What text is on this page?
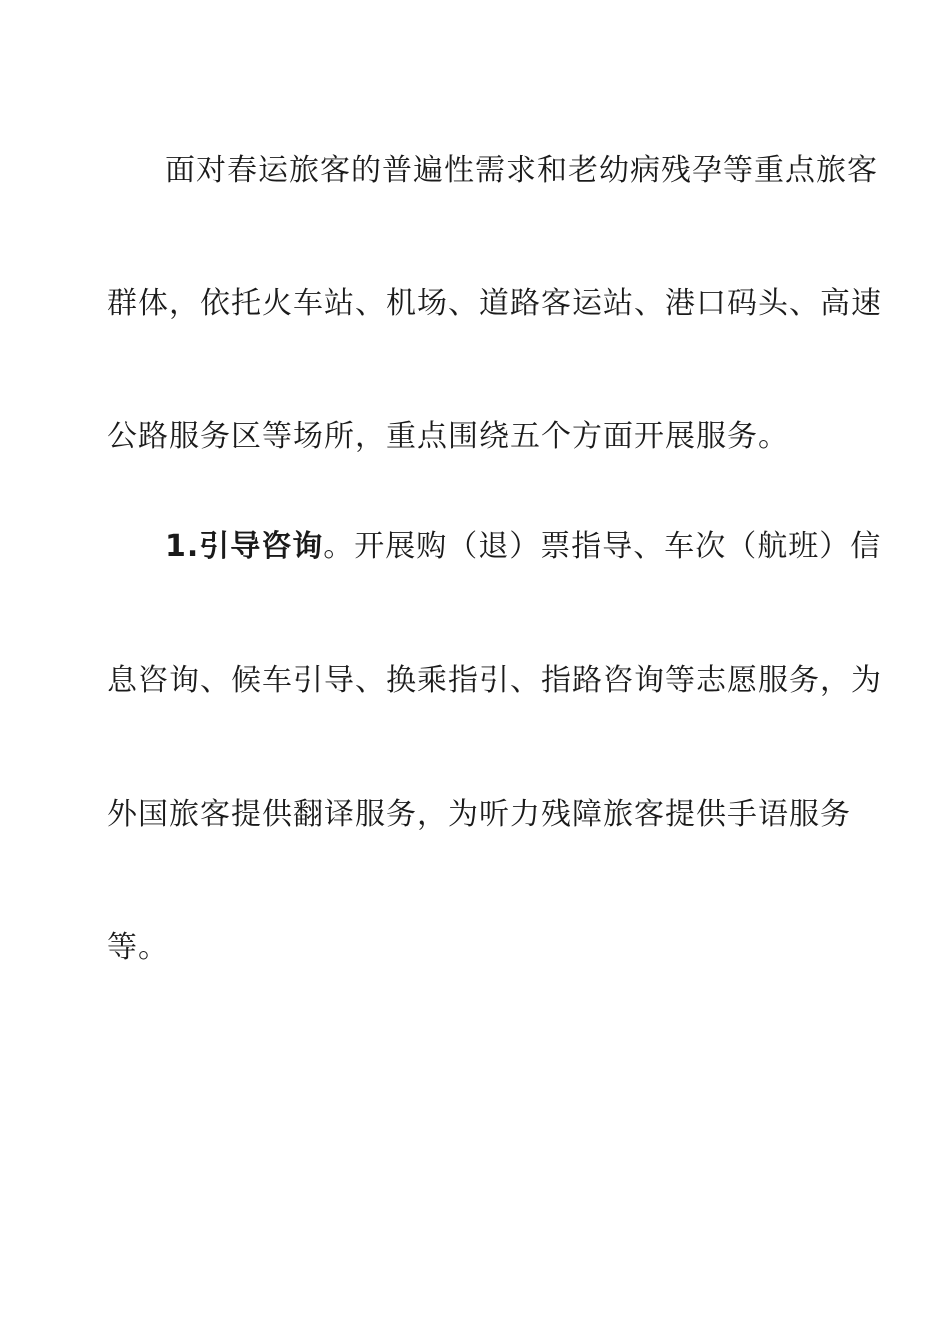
面对春运旅客的普遍性需求和老幼病残孕等重点旅客
群体，依托火车站、机场、道路客运站、港口码头、高速
公路服务区等场所，重点围绕五个方面开展服务。
1.引导咨询。开展购（退）票指导、车次（航班）信
息咨询、候车引导、换乘指引、指路咨询等志愿服务，为
外国旅客提供翻译服务，为听力残障旅客提供手语服务
等。
